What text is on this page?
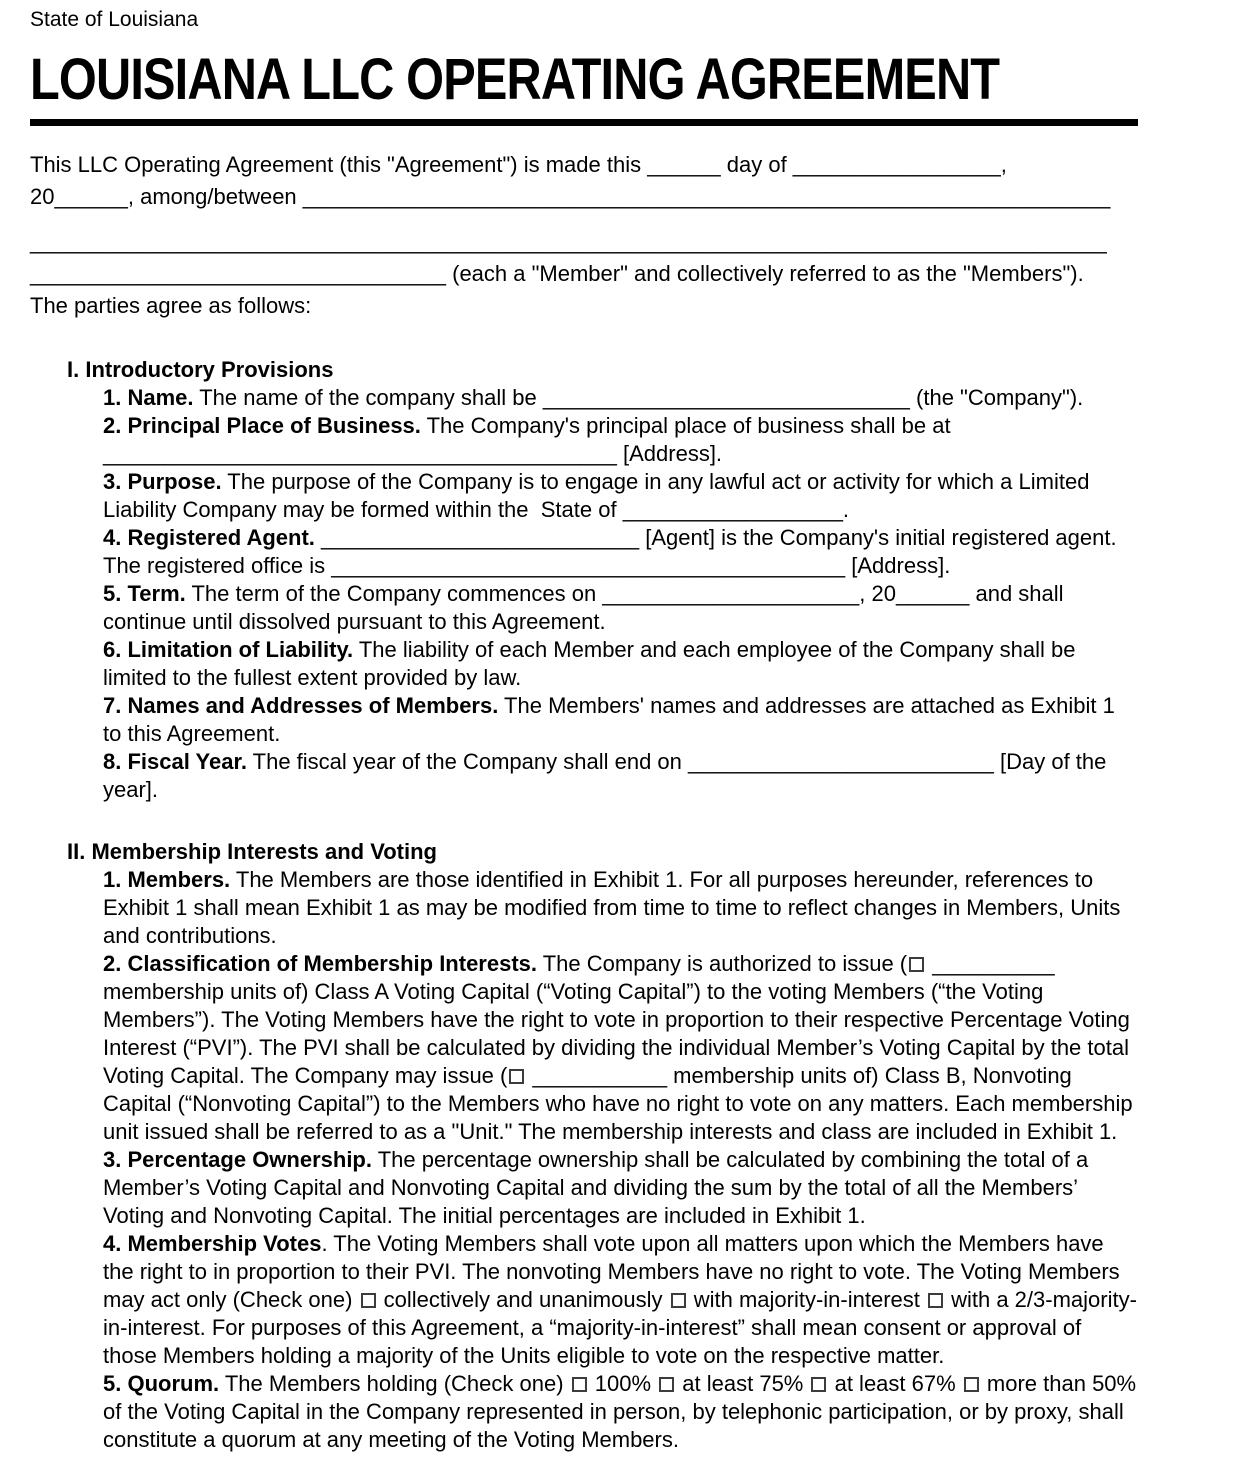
State of Louisiana
LOUISIANA LLC OPERATING AGREEMENT
This LLC Operating Agreement (this "Agreement") is made this ______ day of _________________,
20______, among/between __________________________________________________________________
________________________________________________________________________________________
__________________________________ (each a "Member" and collectively referred to as the "Members").
The parties agree as follows:
I. Introductory Provisions
1. Name. The name of the company shall be ______________________________ (the "Company").
2. Principal Place of Business. The Company's principal place of business shall be at __________________________________________ [Address].
3. Purpose. The purpose of the Company is to engage in any lawful act or activity for which a Limited Liability Company may be formed within the  State of __________________.
4. Registered Agent. __________________________ [Agent] is the Company's initial registered agent. The registered office is __________________________________________ [Address].
5. Term. The term of the Company commences on _____________________, 20______ and shall continue until dissolved pursuant to this Agreement.
6. Limitation of Liability. The liability of each Member and each employee of the Company shall be limited to the fullest extent provided by law.
7. Names and Addresses of Members. The Members' names and addresses are attached as Exhibit 1 to this Agreement.
8. Fiscal Year. The fiscal year of the Company shall end on _________________________ [Day of the year].
II. Membership Interests and Voting
1. Members. The Members are those identified in Exhibit 1. For all purposes hereunder, references to Exhibit 1 shall mean Exhibit 1 as may be modified from time to time to reflect changes in Members, Units and contributions.
2. Classification of Membership Interests. The Company is authorized to issue ( __________ membership units of) Class A Voting Capital (“Voting Capital”) to the voting Members (“the Voting Members”). The Voting Members have the right to vote in proportion to their respective Percentage Voting Interest (“PVI”). The PVI shall be calculated by dividing the individual Member’s Voting Capital by the total Voting Capital. The Company may issue ( ___________ membership units of) Class B, Nonvoting Capital (“Nonvoting Capital”) to the Members who have no right to vote on any matters. Each membership unit issued shall be referred to as a "Unit." The membership interests and class are included in Exhibit 1.
3. Percentage Ownership. The percentage ownership shall be calculated by combining the total of a Member’s Voting Capital and Nonvoting Capital and dividing the sum by the total of all the Members’ Voting and Nonvoting Capital. The initial percentages are included in Exhibit 1.
4. Membership Votes. The Voting Members shall vote upon all matters upon which the Members have the right to in proportion to their PVI. The nonvoting Members have no right to vote. The Voting Members may act only (Check one)  collectively and unanimously  with majority-in-interest  with a 2/3-majority-in-interest. For purposes of this Agreement, a “majority-in-interest” shall mean consent or approval of those Members holding a majority of the Units eligible to vote on the respective matter.
5. Quorum. The Members holding (Check one)  100%  at least 75%  at least 67%  more than 50% of the Voting Capital in the Company represented in person, by telephonic participation, or by proxy, shall constitute a quorum at any meeting of the Voting Members.
